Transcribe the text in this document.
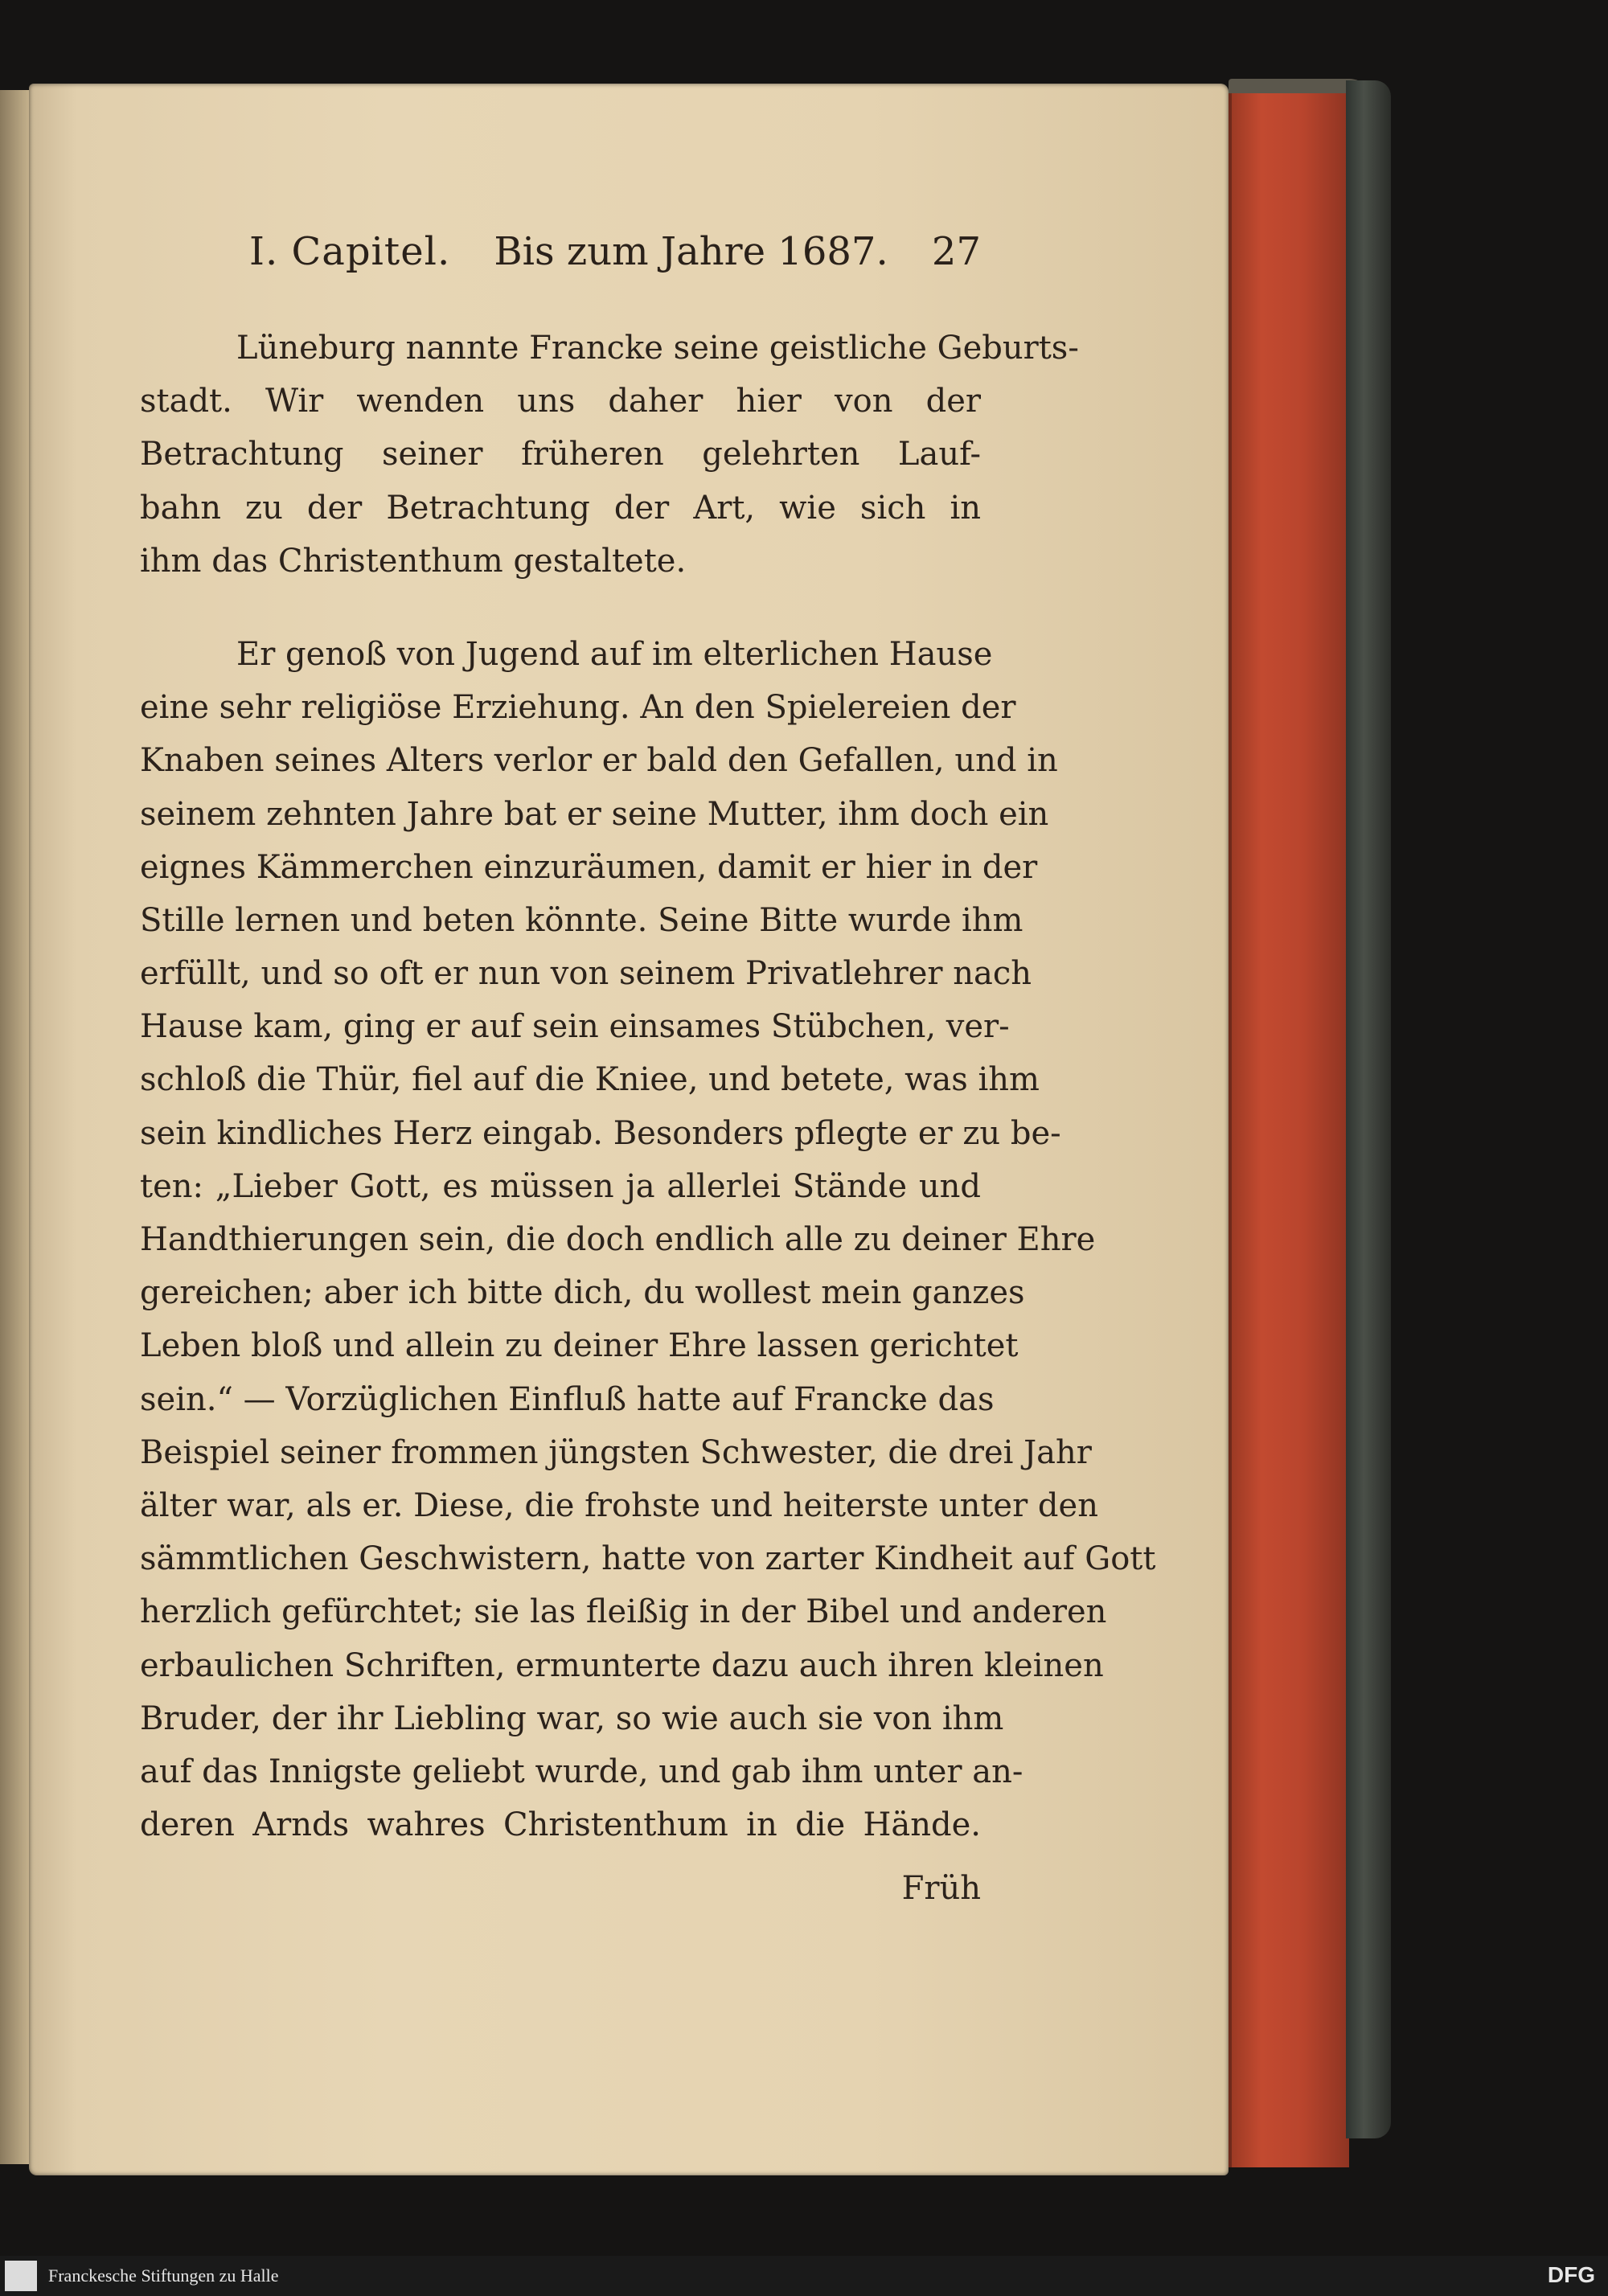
I. Capitel. Bis zum Jahre 1687. 27
Lüneburg nannte Francke seine geistliche Geburts-
stadt. Wir wenden uns daher hier von der
Betrachtung seiner früheren gelehrten Lauf-
bahn zu der Betrachtung der Art, wie sich in
ihm das Christenthum gestaltete.
Er genoß von Jugend auf im elterlichen Hause
eine sehr religiöse Erziehung. An den Spielereien der
Knaben seines Alters verlor er bald den Gefallen, und in
seinem zehnten Jahre bat er seine Mutter, ihm doch ein
eignes Kämmerchen einzuräumen, damit er hier in der
Stille lernen und beten könnte. Seine Bitte wurde ihm
erfüllt, und so oft er nun von seinem Privatlehrer nach
Hause kam, ging er auf sein einsames Stübchen, ver-
schloß die Thür, fiel auf die Kniee, und betete, was ihm
sein kindliches Herz eingab. Besonders pflegte er zu be-
ten: „Lieber Gott, es müssen ja allerlei Stände und
Handthierungen sein, die doch endlich alle zu deiner Ehre
gereichen; aber ich bitte dich, du wollest mein ganzes
Leben bloß und allein zu deiner Ehre lassen gerichtet
sein.“ — Vorzüglichen Einfluß hatte auf Francke das
Beispiel seiner frommen jüngsten Schwester, die drei Jahr
älter war, als er. Diese, die frohste und heiterste unter den
sämmtlichen Geschwistern, hatte von zarter Kindheit auf Gott
herzlich gefürchtet; sie las fleißig in der Bibel und anderen
erbaulichen Schriften, ermunterte dazu auch ihren kleinen
Bruder, der ihr Liebling war, so wie auch sie von ihm
auf das Innigste geliebt wurde, und gab ihm unter an-
deren Arnds wahres Christenthum in die Hände.
Früh
Franckesche Stiftungen zu Halle	DFG
